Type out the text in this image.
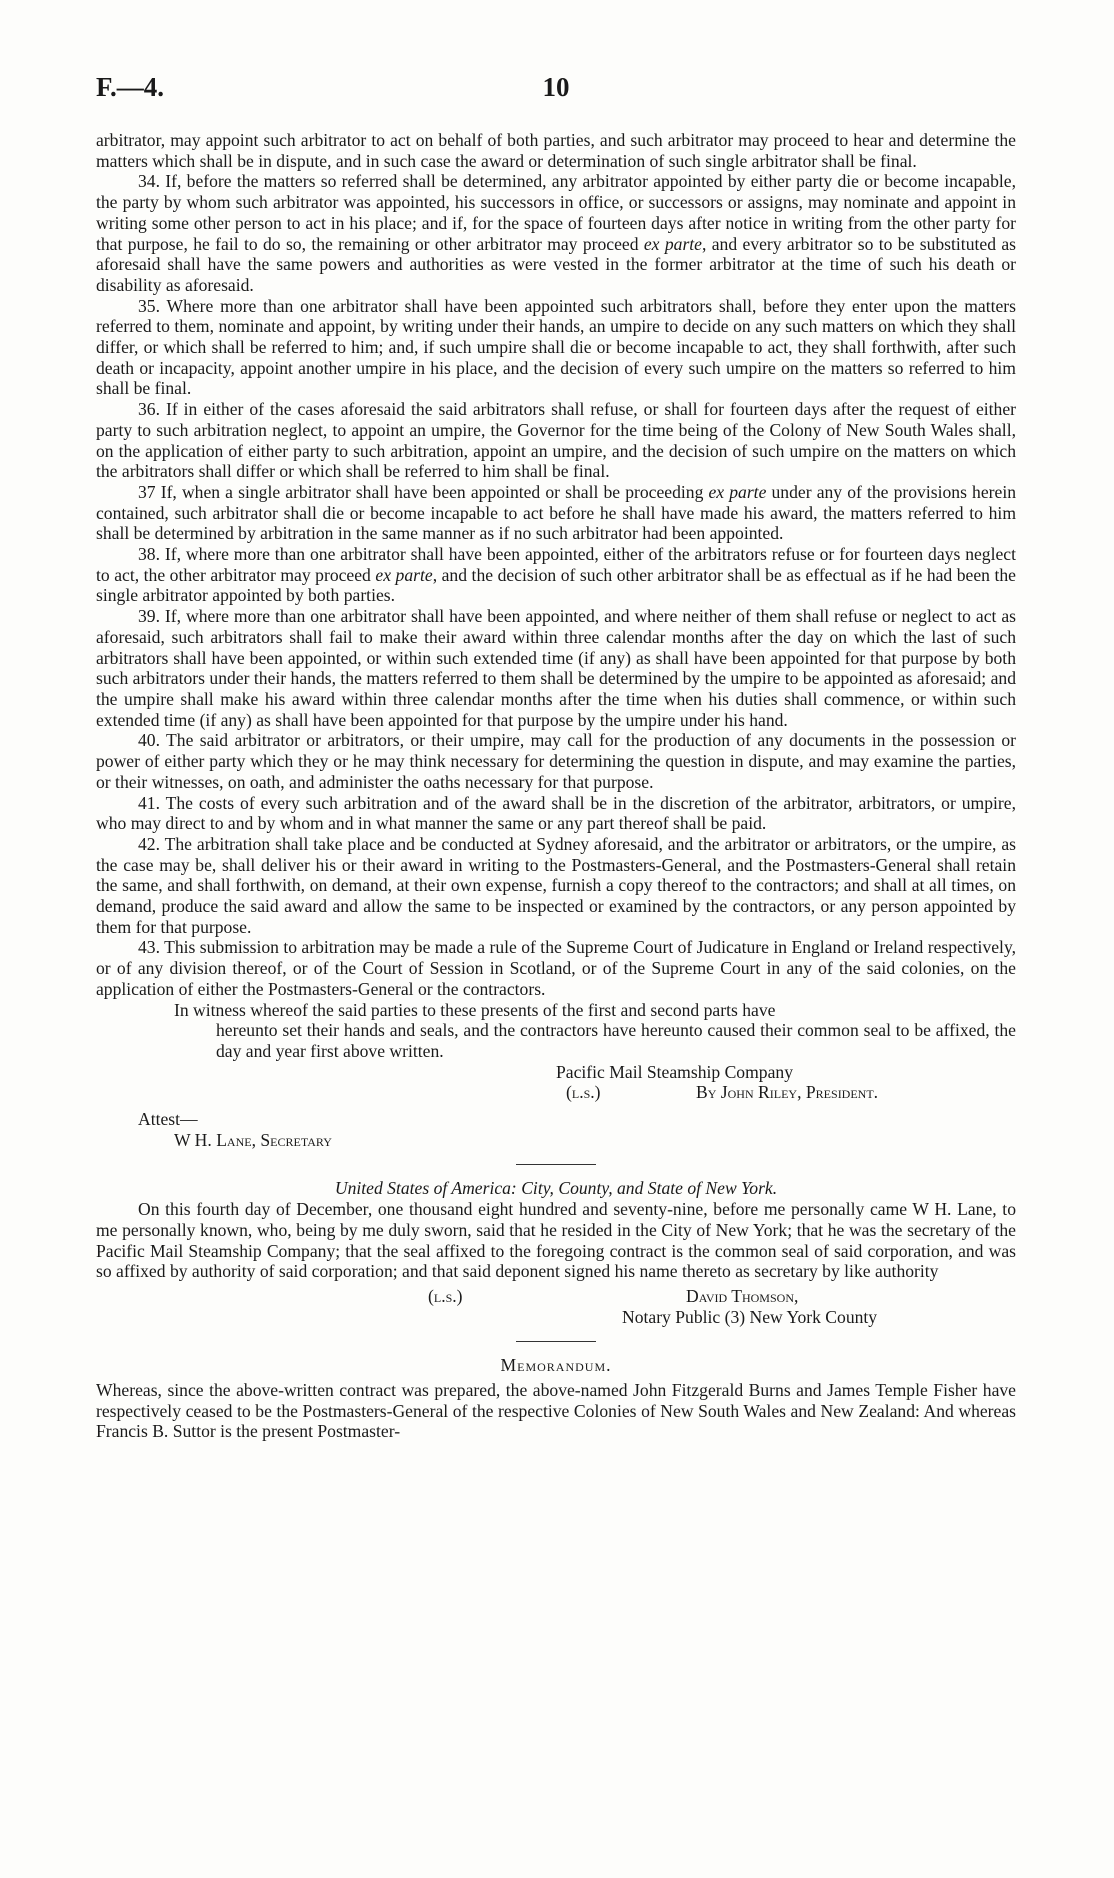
F.—4.	10

arbitrator, may appoint such arbitrator to act on behalf of both parties, and such arbitrator may proceed to hear and determine the matters which shall be in dispute, and in such case the award or determination of such single arbitrator shall be final.

34. If, before the matters so referred shall be determined, any arbitrator appointed by either party die or become incapable, the party by whom such arbitrator was appointed, his successors in office, or successors or assigns, may nominate and appoint in writing some other person to act in his place; and if, for the space of fourteen days after notice in writing from the other party for that purpose, he fail to do so, the remaining or other arbitrator may proceed ex parte, and every arbitrator so to be substituted as aforesaid shall have the same powers and authorities as were vested in the former arbitrator at the time of such his death or disability as aforesaid.

35. Where more than one arbitrator shall have been appointed such arbitrators shall, before they enter upon the matters referred to them, nominate and appoint, by writing under their hands, an umpire to decide on any such matters on which they shall differ, or which shall be referred to him; and, if such umpire shall die or become incapable to act, they shall forthwith, after such death or incapacity, appoint another umpire in his place, and the decision of every such umpire on the matters so referred to him shall be final.

36. If in either of the cases aforesaid the said arbitrators shall refuse, or shall for fourteen days after the request of either party to such arbitration neglect, to appoint an umpire, the Governor for the time being of the Colony of New South Wales shall, on the application of either party to such arbitration, appoint an umpire, and the decision of such umpire on the matters on which the arbitrators shall differ or which shall be referred to him shall be final.

37 If, when a single arbitrator shall have been appointed or shall be proceeding ex parte under any of the provisions herein contained, such arbitrator shall die or become incapable to act before he shall have made his award, the matters referred to him shall be determined by arbitration in the same manner as if no such arbitrator had been appointed.

38. If, where more than one arbitrator shall have been appointed, either of the arbitrators refuse or for fourteen days neglect to act, the other arbitrator may proceed ex parte, and the decision of such other arbitrator shall be as effectual as if he had been the single arbitrator appointed by both parties.

39. If, where more than one arbitrator shall have been appointed, and where neither of them shall refuse or neglect to act as aforesaid, such arbitrators shall fail to make their award within three calendar months after the day on which the last of such arbitrators shall have been appointed, or within such extended time (if any) as shall have been appointed for that purpose by both such arbitrators under their hands, the matters referred to them shall be determined by the umpire to be appointed as aforesaid; and the umpire shall make his award within three calendar months after the time when his duties shall commence, or within such extended time (if any) as shall have been appointed for that purpose by the umpire under his hand.

40. The said arbitrator or arbitrators, or their umpire, may call for the production of any documents in the possession or power of either party which they or he may think necessary for determining the question in dispute, and may examine the parties, or their witnesses, on oath, and administer the oaths necessary for that purpose.

41. The costs of every such arbitration and of the award shall be in the discretion of the arbitrator, arbitrators, or umpire, who may direct to and by whom and in what manner the same or any part thereof shall be paid.

42. The arbitration shall take place and be conducted at Sydney aforesaid, and the arbitrator or arbitrators, or the umpire, as the case may be, shall deliver his or their award in writing to the Postmasters-General, and the Postmasters-General shall retain the same, and shall forthwith, on demand, at their own expense, furnish a copy thereof to the contractors; and shall at all times, on demand, produce the said award and allow the same to be inspected or examined by the contractors, or any person appointed by them for that purpose.

43. This submission to arbitration may be made a rule of the Supreme Court of Judicature in England or Ireland respectively, or of any division thereof, or of the Court of Session in Scotland, or of the Supreme Court in any of the said colonies, on the application of either the Postmasters-General or the contractors.

In witness whereof the said parties to these presents of the first and second parts have
hereunto set their hands and seals, and the contractors have hereunto caused their common seal to be affixed, the day and year first above written.

Pacific Mail Steamship Company
(l.s.)	By John Riley, President.
Attest—
W H. Lane, Secretary

United States of America: City, County, and State of New York.

On this fourth day of December, one thousand eight hundred and seventy-nine, before me personally came W H. Lane, to me personally known, who, being by me duly sworn, said that he resided in the City of New York; that he was the secretary of the Pacific Mail Steamship Company; that the seal affixed to the foregoing contract is the common seal of said corporation, and was so affixed by authority of said corporation; and that said deponent signed his name thereto as secretary by like authority

(l.s.)	David Thomson,
Notary Public (3) New York County

Memorandum.

Whereas, since the above-written contract was prepared, the above-named John Fitzgerald Burns and James Temple Fisher have respectively ceased to be the Postmasters-General of the respective Colonies of New South Wales and New Zealand: And whereas Francis B. Suttor is the present Postmaster-
